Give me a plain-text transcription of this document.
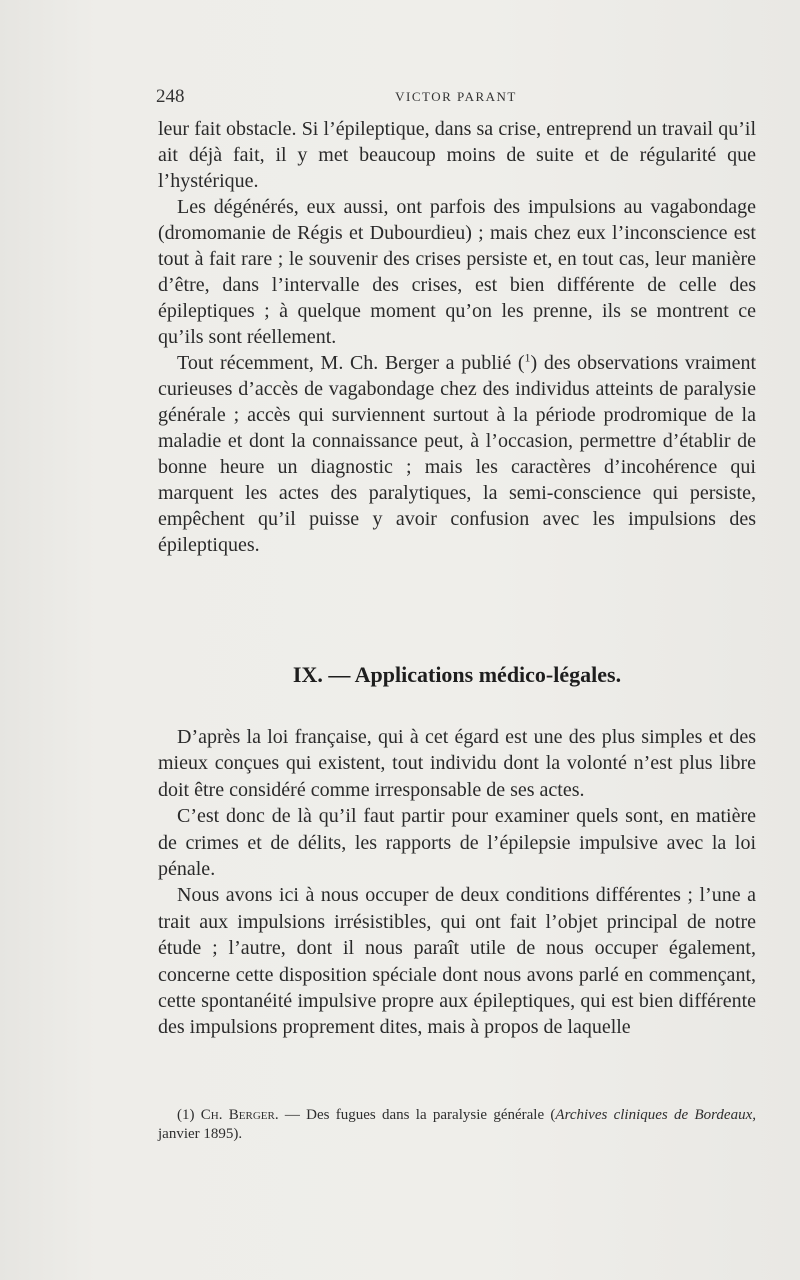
248	VICTOR PARANT

leur fait obstacle. Si l’épileptique, dans sa crise, entreprend un travail qu’il ait déjà fait, il y met beaucoup moins de suite et de régularité que l’hystérique.

Les dégénérés, eux aussi, ont parfois des impulsions au vagabondage (dromomanie de Régis et Dubourdieu) ; mais chez eux l’inconscience est tout à fait rare ; le souvenir des crises persiste et, en tout cas, leur manière d’être, dans l’intervalle des crises, est bien différente de celle des épileptiques ; à quelque moment qu’on les prenne, ils se montrent ce qu’ils sont réellement.

Tout récemment, M. Ch. Berger a publié ($^1$) des observations vraiment curieuses d’accès de vagabondage chez des individus atteints de paralysie générale ; accès qui surviennent surtout à la période prodromique de la maladie et dont la connaissance peut, à l’occasion, permettre d’établir de bonne heure un diagnostic ; mais les caractères d’incohérence qui marquent les actes des paralytiques, la semi-conscience qui persiste, empêchent qu’il puisse y avoir confusion avec les impulsions des épileptiques.

IX. — Applications médico-légales.

D’après la loi française, qui à cet égard est une des plus simples et des mieux conçues qui existent, tout individu dont la volonté n’est plus libre doit être considéré comme irresponsable de ses actes.

C’est donc de là qu’il faut partir pour examiner quels sont, en matière de crimes et de délits, les rapports de l’épilepsie impulsive avec la loi pénale.

Nous avons ici à nous occuper de deux conditions différentes ; l’une a trait aux impulsions irrésistibles, qui ont fait l’objet principal de notre étude ; l’autre, dont il nous paraît utile de nous occuper également, concerne cette disposition spéciale dont nous avons parlé en commençant, cette spontanéité impulsive propre aux épileptiques, qui est bien différente des impulsions proprement dites, mais à propos de laquelle

(1) Ch. Berger. — Des fugues dans la paralysie générale (Archives cliniques de Bordeaux, janvier 1895).
